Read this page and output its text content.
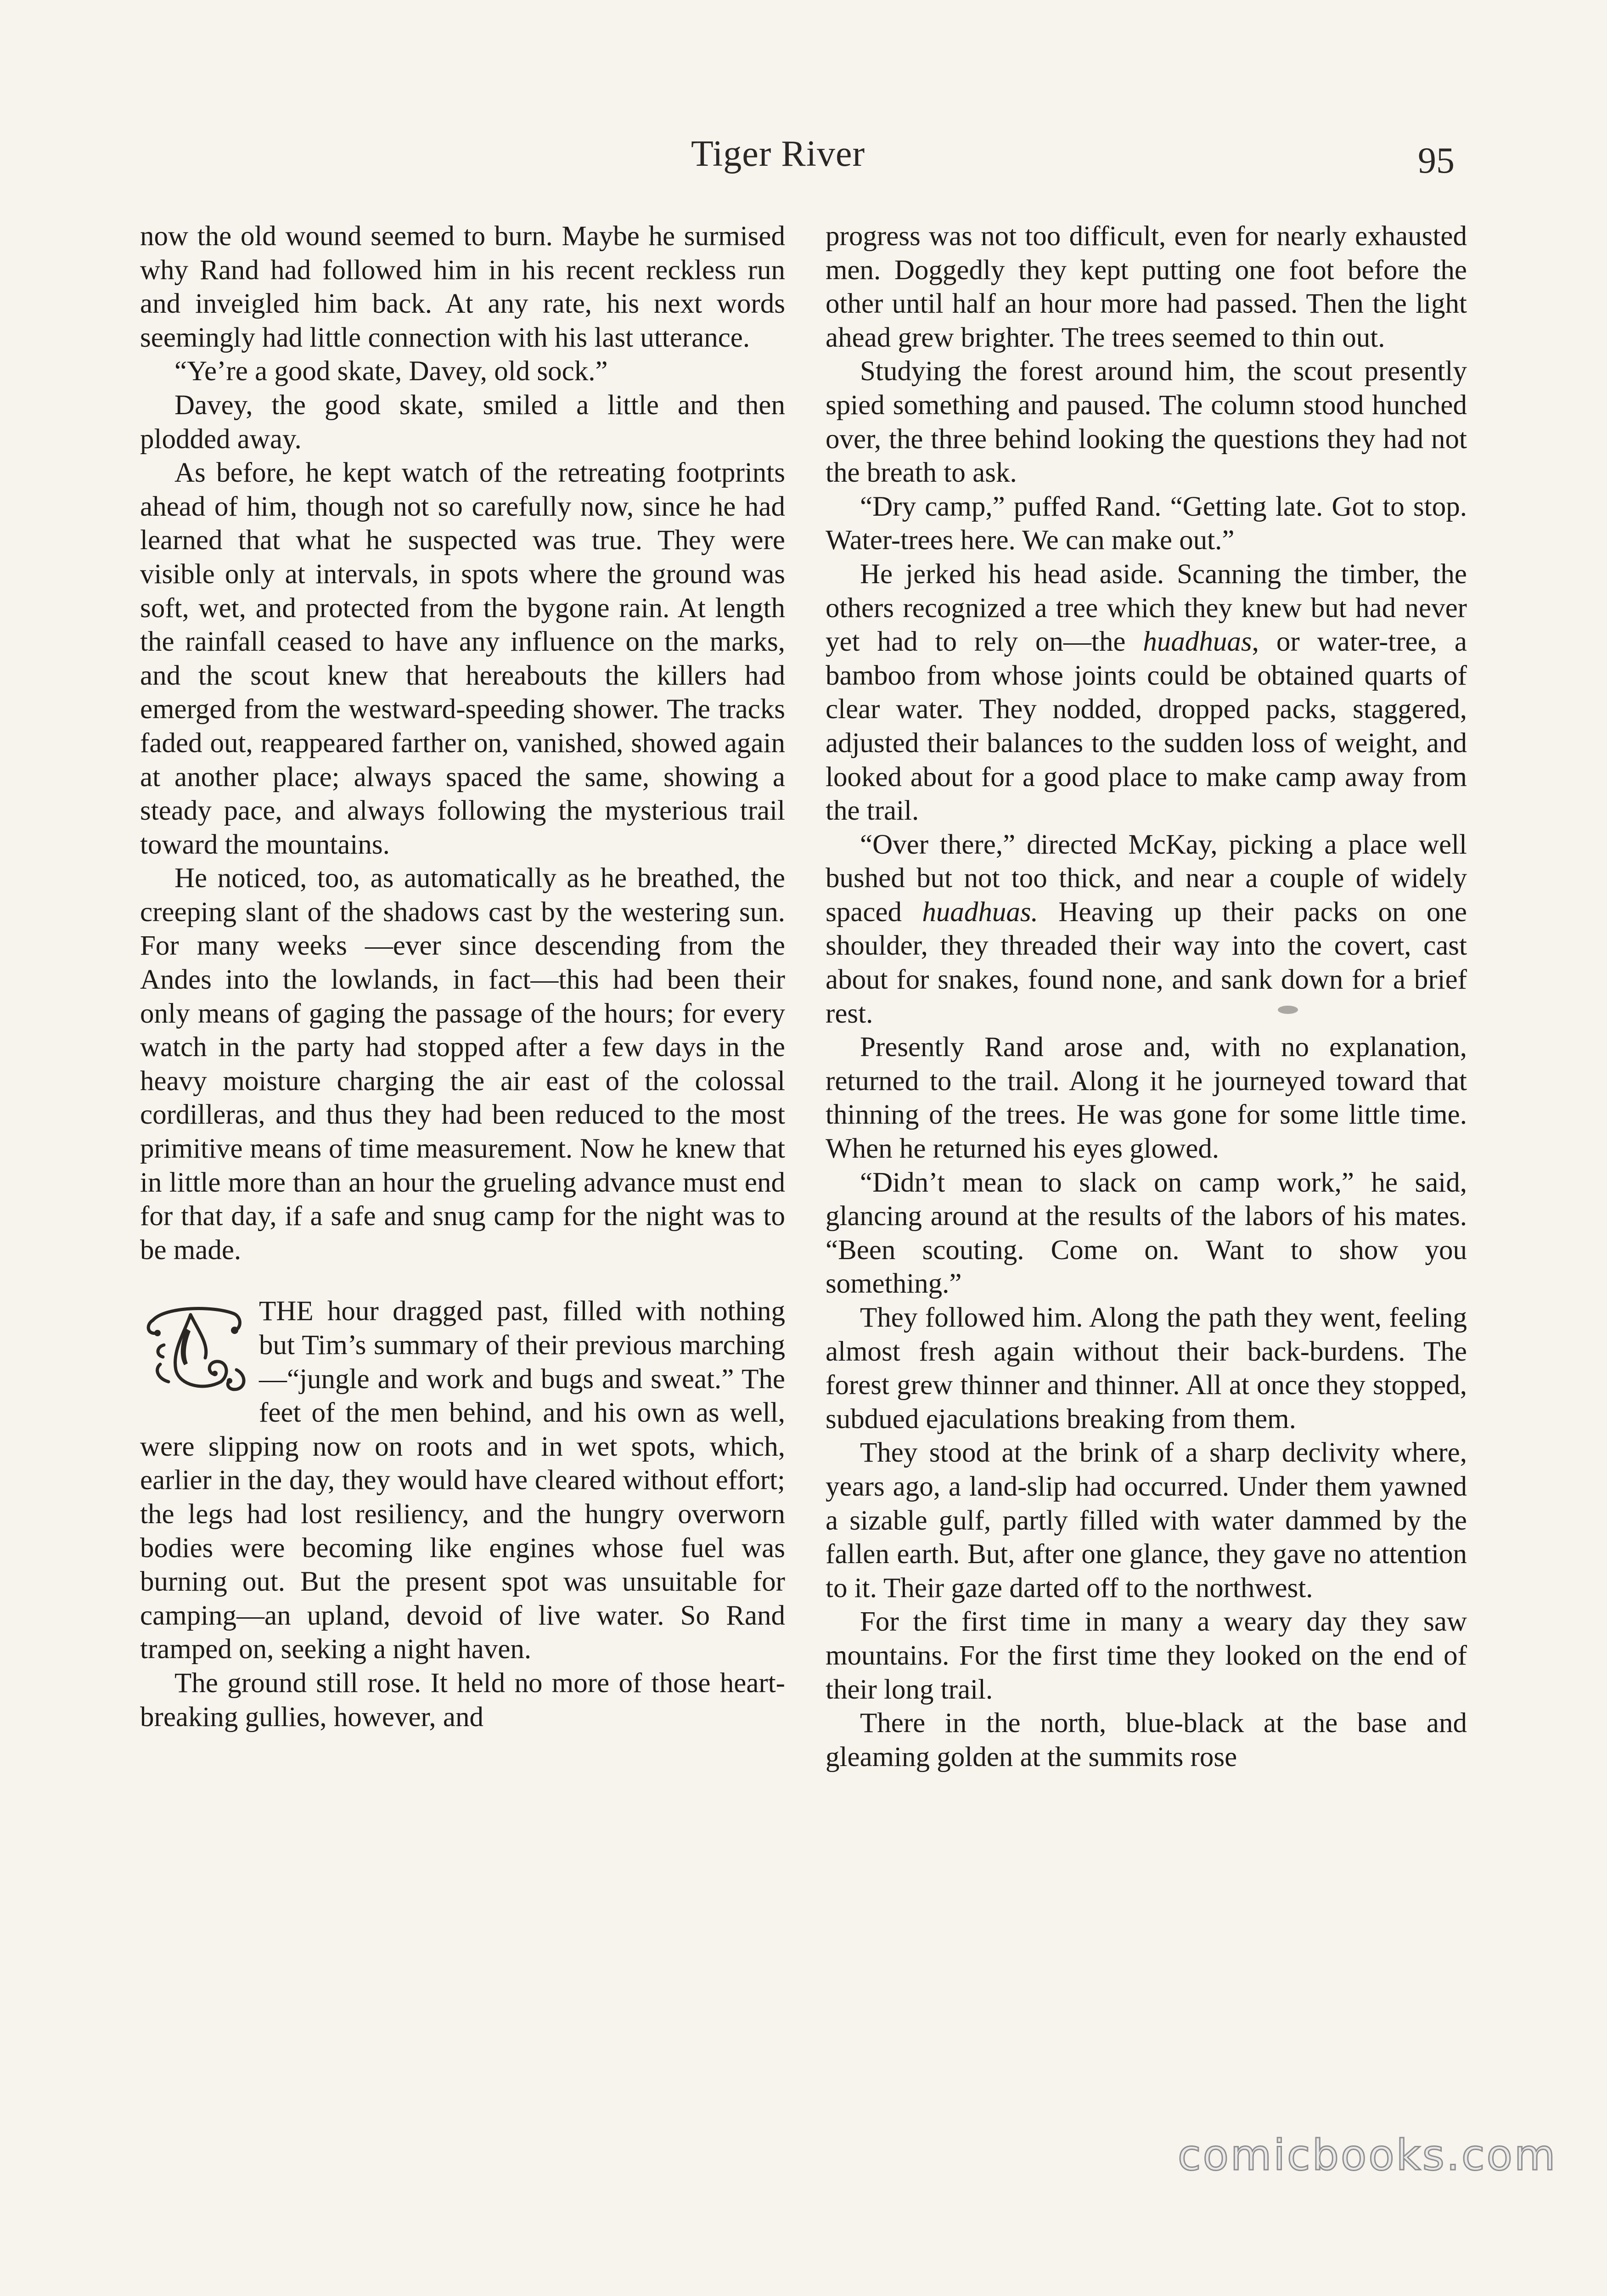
Tiger River	95

now the old wound seemed to burn. Maybe he surmised why Rand had followed him in his recent reckless run and inveigled him back. At any rate, his next words seemingly had little connection with his last utterance.

“Ye’re a good skate, Davey, old sock.”

Davey, the good skate, smiled a little and then plodded away.

As before, he kept watch of the retreating footprints ahead of him, though not so carefully now, since he had learned that what he suspected was true. They were visible only at intervals, in spots where the ground was soft, wet, and protected from the bygone rain. At length the rainfall ceased to have any influence on the marks, and the scout knew that hereabouts the killers had emerged from the westward-speeding shower. The tracks faded out, reappeared farther on, vanished, showed again at another place; always spaced the same, showing a steady pace, and always following the mysterious trail toward the mountains.

He noticed, too, as automatically as he breathed, the creeping slant of the shadows cast by the westering sun. For many weeks —ever since descending from the Andes into the lowlands, in fact—this had been their only means of gaging the passage of the hours; for every watch in the party had stopped after a few days in the heavy moisture charging the air east of the colossal cordilleras, and thus they had been reduced to the most primitive means of time measurement. Now he knew that in little more than an hour the grueling advance must end for that day, if a safe and snug camp for the night was to be made.

THE hour dragged past, filled with nothing but Tim’s summary of their previous marching—“jungle and work and bugs and sweat.” The feet of the men behind, and his own as well, were slipping now on roots and in wet spots, which, earlier in the day, they would have cleared without effort; the legs had lost resiliency, and the hungry overworn bodies were becoming like engines whose fuel was burning out. But the present spot was unsuitable for camping—an upland, devoid of live water. So Rand tramped on, seeking a night haven.

The ground still rose. It held no more of those heart-breaking gullies, however, and

progress was not too difficult, even for nearly exhausted men. Doggedly they kept putting one foot before the other until half an hour more had passed. Then the light ahead grew brighter. The trees seemed to thin out.

Studying the forest around him, the scout presently spied something and paused. The column stood hunched over, the three behind looking the questions they had not the breath to ask.

“Dry camp,” puffed Rand. “Getting late. Got to stop. Water-trees here. We can make out.”

He jerked his head aside. Scanning the timber, the others recognized a tree which they knew but had never yet had to rely on—the huadhuas, or water-tree, a bamboo from whose joints could be obtained quarts of clear water. They nodded, dropped packs, staggered, adjusted their balances to the sudden loss of weight, and looked about for a good place to make camp away from the trail.

“Over there,” directed McKay, picking a place well bushed but not too thick, and near a couple of widely spaced huadhuas. Heaving up their packs on one shoulder, they threaded their way into the covert, cast about for snakes, found none, and sank down for a brief rest.

Presently Rand arose and, with no explanation, returned to the trail. Along it he journeyed toward that thinning of the trees. He was gone for some little time. When he returned his eyes glowed.

“Didn’t mean to slack on camp work,” he said, glancing around at the results of the labors of his mates. “Been scouting. Come on. Want to show you something.”

They followed him. Along the path they went, feeling almost fresh again without their back-burdens. The forest grew thinner and thinner. All at once they stopped, subdued ejaculations breaking from them.

They stood at the brink of a sharp declivity where, years ago, a land-slip had occurred. Under them yawned a sizable gulf, partly filled with water dammed by the fallen earth. But, after one glance, they gave no attention to it. Their gaze darted off to the northwest.

For the first time in many a weary day they saw mountains. For the first time they looked on the end of their long trail.

There in the north, blue-black at the base and gleaming golden at the summits rose

comicbooks.com
